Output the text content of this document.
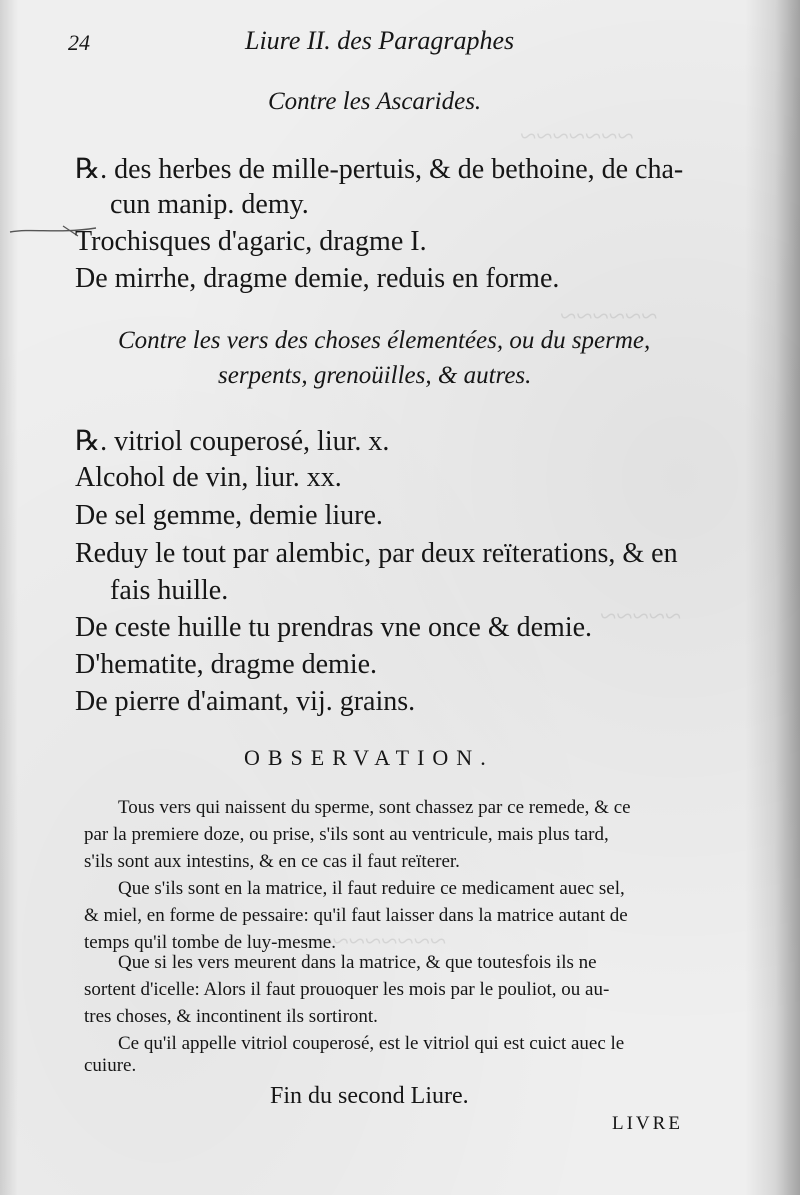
~~~~~~~
~~~~~~
~~~~~
~~~~~~~~~
24	Liure II. des Paragraphes
Contre les Ascarides.
℞. des herbes de mille-pertuis, & de bethoine, de cha-
cun manip. demy.
Trochisques d'agaric, dragme I.
De mirrhe, dragme demie, reduis en forme.
Contre les vers des choses élementées, ou du sperme,
serpents, grenoüilles, & autres.
℞. vitriol couperosé, liur. x.
Alcohol de vin, liur. xx.
De sel gemme, demie liure.
Reduy le tout par alembic, par deux reïterations, & en
fais huille.
De ceste huille tu prendras vne once & demie.
D'hematite, dragme demie.
De pierre d'aimant, vij. grains.
OBSERVATION.
Tous vers qui naissent du sperme, sont chassez par ce remede, & ce
par la premiere doze, ou prise, s'ils sont au ventricule, mais plus tard,
s'ils sont aux intestins, & en ce cas il faut reïterer.
Que s'ils sont en la matrice, il faut reduire ce medicament auec sel,
& miel, en forme de pessaire: qu'il faut laisser dans la matrice autant de
temps qu'il tombe de luy-mesme.
Que si les vers meurent dans la matrice, & que toutesfois ils ne
sortent d'icelle: Alors il faut prouoquer les mois par le pouliot, ou au-
tres choses, & incontinent ils sortiront.
Ce qu'il appelle vitriol couperosé, est le vitriol qui est cuict auec le
cuiure.
Fin du second Liure.
LIVRE
